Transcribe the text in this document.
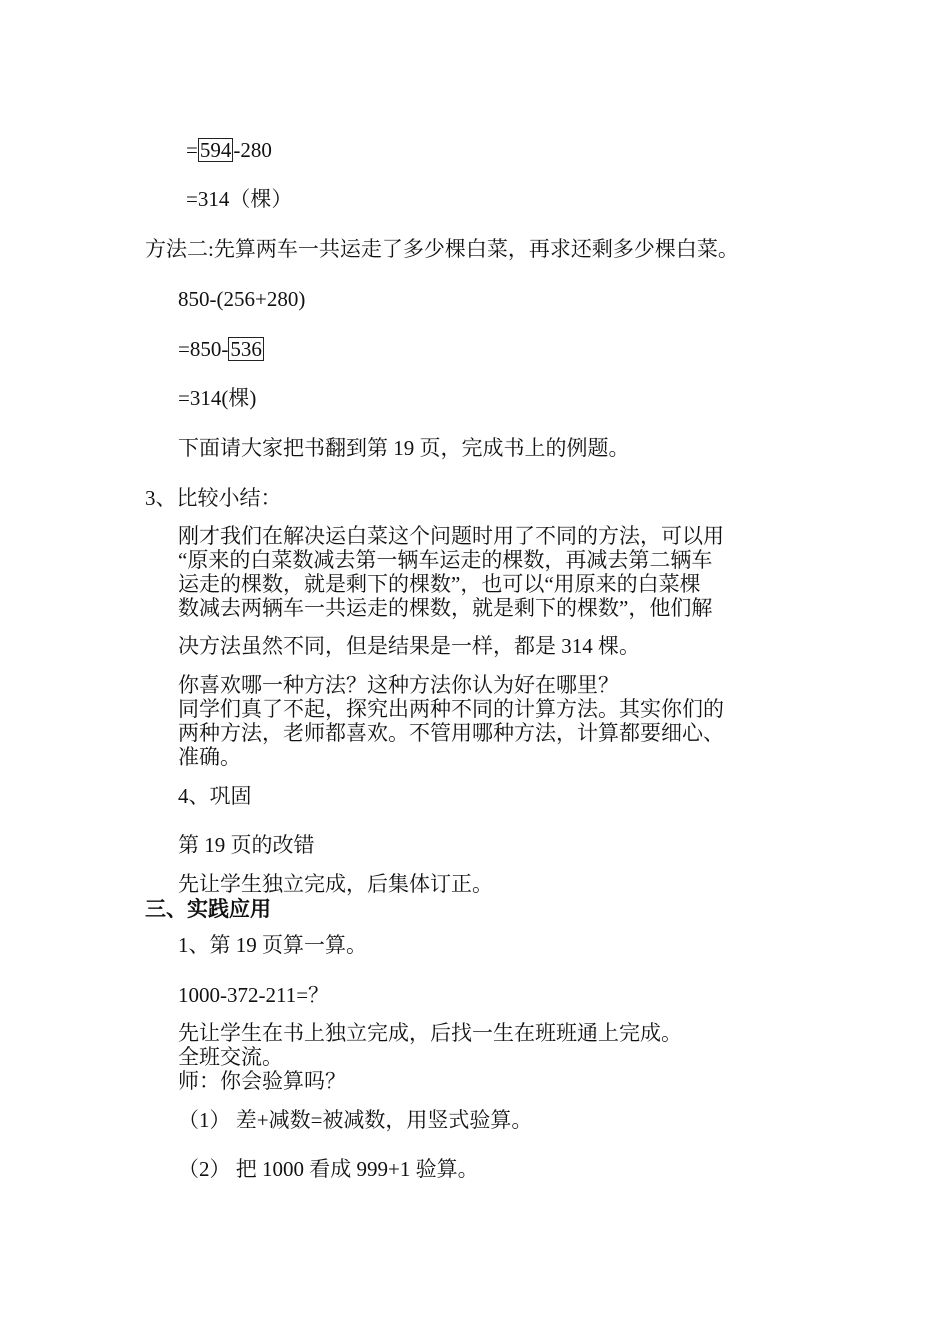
=594-280
=314（棵）
方法二:先算两车一共运走了多少棵白菜，再求还剩多少棵白菜。
850-(256+280)
=850-536
=314(棵)
下面请大家把书翻到第 19 页，完成书上的例题。
3、比较小结：
刚才我们在解决运白菜这个问题时用了不同的方法，可以用
“原来的白菜数减去第一辆车运走的棵数，再减去第二辆车
运走的棵数，就是剩下的棵数”，也可以“用原来的白菜棵
数减去两辆车一共运走的棵数，就是剩下的棵数”，他们解
决方法虽然不同，但是结果是一样，都是 314 棵。
你喜欢哪一种方法？这种方法你认为好在哪里？
同学们真了不起，探究出两种不同的计算方法。其实你们的
两种方法，老师都喜欢。不管用哪种方法，计算都要细心、
准确。
4、巩固
第 19 页的改错
先让学生独立完成，后集体订正。
三、实践应用
1、第 19 页算一算。
1000-372-211=？
先让学生在书上独立完成，后找一生在班班通上完成。
全班交流。
师：你会验算吗？
（1） 差+减数=被减数，用竖式验算。
（2） 把 1000 看成 999+1 验算。
